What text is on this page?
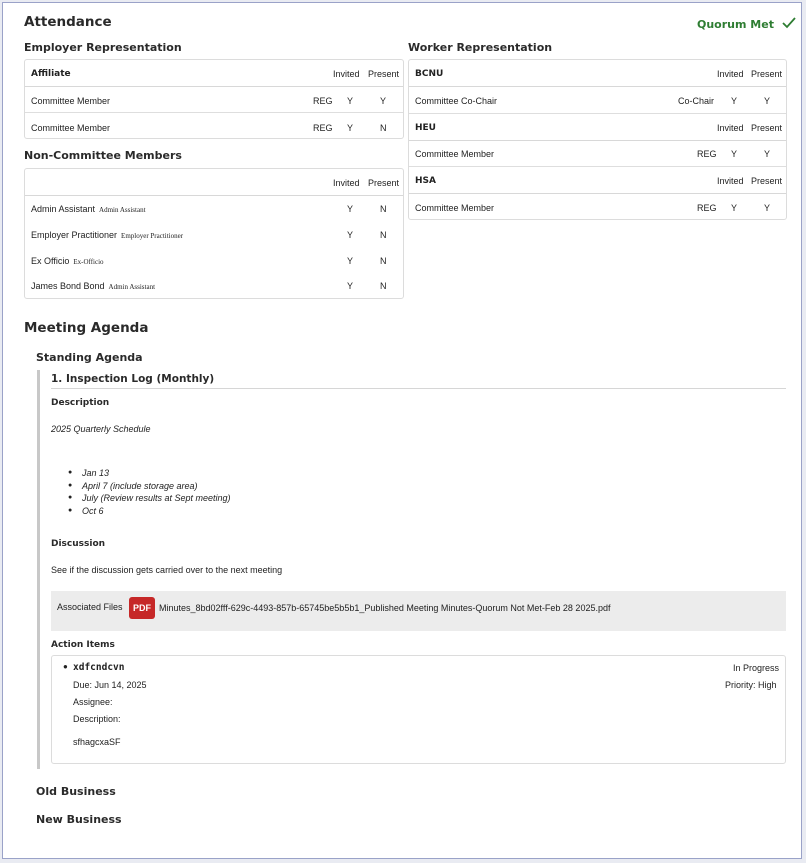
Attendance	Quorum Met
Employer Representation
Affiliate	Invited Present
Committee Member	REG Y	Y
Committee Member	REG Y	N
Non-Committee Members
Invited Present
Admin Assistant Admin Assistant	Y	N
Employer Practitioner Employer Practitioner	Y	N
Ex Officio Ex-Officio	Y	N
James Bond Bond Admin Assistant	Y	N
Worker Representation
BCNU	Invited Present
Committee Co-Chair	Co-Chair Y	Y
HEU	Invited Present
Committee Member	REG Y	Y
HSA	Invited Present
Committee Member	REG Y	Y
Meeting Agenda
Standing Agenda
1. Inspection Log (Monthly)
Description
2025 Quarterly Schedule
● Jan 13
● April 7 (include storage area)
● July (Review results at Sept meeting)
● Oct 6
Discussion
See if the discussion gets carried over to the next meeting
Associated Files	PDF Minutes_8bd02fff-629c-4493-857b-65745be5b5b1_Published Meeting Minutes-Quorum Not Met-Feb 28 2025.pdf
Action Items
● xdfcndcvn	In Progress
Due: Jun 14, 2025	Priority: High
Assignee:
Description:
sfhagcxaSF
Old Business
New Business
